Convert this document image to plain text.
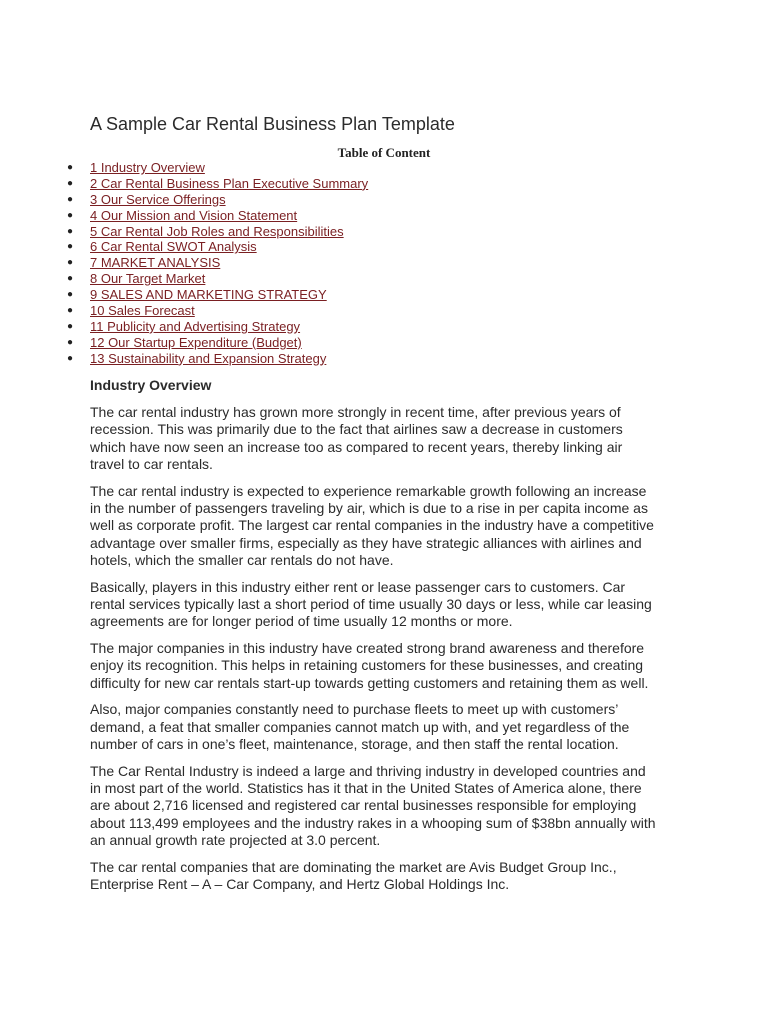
A Sample Car Rental Business Plan Template
Table of Content
● 1 Industry Overview
● 2 Car Rental Business Plan Executive Summary
● 3 Our Service Offerings
● 4 Our Mission and Vision Statement
● 5 Car Rental Job Roles and Responsibilities
● 6 Car Rental SWOT Analysis
● 7 MARKET ANALYSIS
● 8 Our Target Market
● 9 SALES AND MARKETING STRATEGY
● 10 Sales Forecast
● 11 Publicity and Advertising Strategy
● 12 Our Startup Expenditure (Budget)
● 13 Sustainability and Expansion Strategy
Industry Overview

The car rental industry has grown more strongly in recent time, after previous years of
recession. This was primarily due to the fact that airlines saw a decrease in customers
which have now seen an increase too as compared to recent years, thereby linking air
travel to car rentals.

The car rental industry is expected to experience remarkable growth following an increase
in the number of passengers traveling by air, which is due to a rise in per capita income as
well as corporate profit. The largest car rental companies in the industry have a competitive
advantage over smaller firms, especially as they have strategic alliances with airlines and
hotels, which the smaller car rentals do not have.

Basically, players in this industry either rent or lease passenger cars to customers. Car
rental services typically last a short period of time usually 30 days or less, while car leasing
agreements are for longer period of time usually 12 months or more.

The major companies in this industry have created strong brand awareness and therefore
enjoy its recognition. This helps in retaining customers for these businesses, and creating
difficulty for new car rentals start-up towards getting customers and retaining them as well.

Also, major companies constantly need to purchase fleets to meet up with customers’
demand, a feat that smaller companies cannot match up with, and yet regardless of the
number of cars in one’s fleet, maintenance, storage, and then staff the rental location.

The Car Rental Industry is indeed a large and thriving industry in developed countries and
in most part of the world. Statistics has it that in the United States of America alone, there
are about 2,716 licensed and registered car rental businesses responsible for employing
about 113,499 employees and the industry rakes in a whooping sum of $38bn annually with
an annual growth rate projected at 3.0 percent.

The car rental companies that are dominating the market are Avis Budget Group Inc.,
Enterprise Rent – A – Car Company, and Hertz Global Holdings Inc.
